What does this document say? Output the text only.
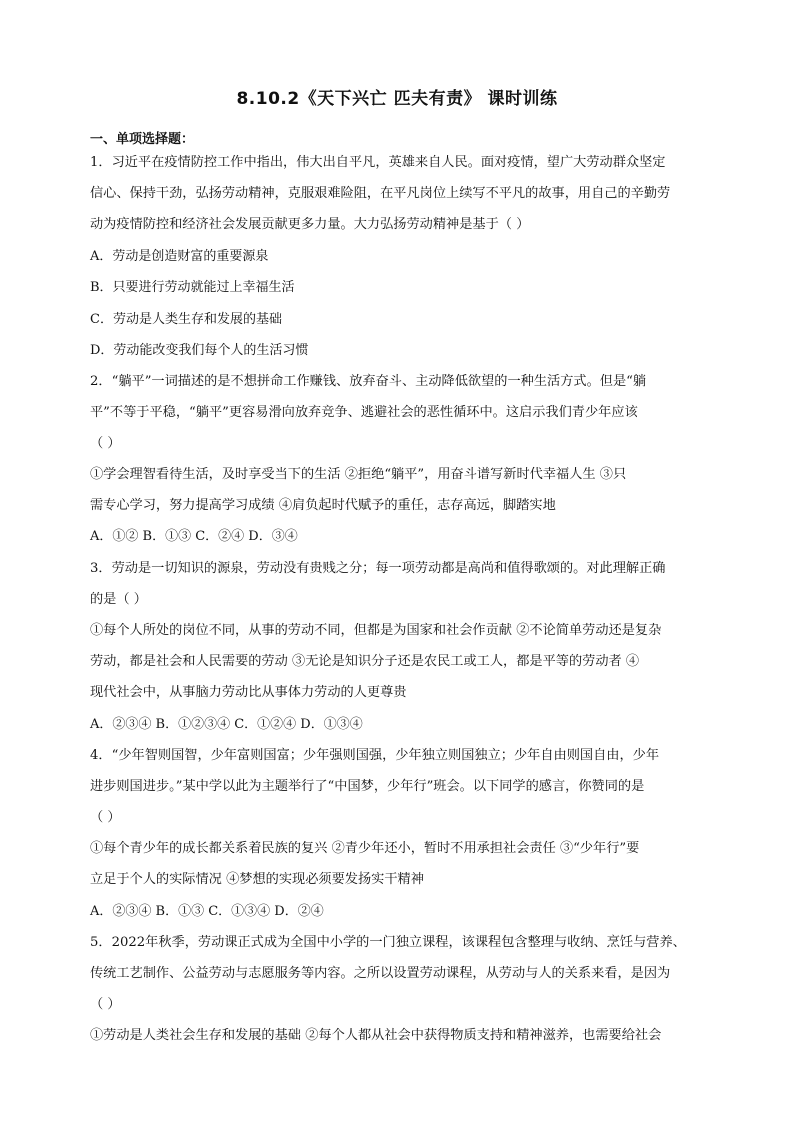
8.10.2《天下兴亡 匹夫有责》 课时训练
一、单项选择题：
1．习近平在疫情防控工作中指出，伟大出自平凡，英雄来自人民。面对疫情，望广大劳动群众坚定
信心、保持干劲，弘扬劳动精神，克服艰难险阻，在平凡岗位上续写不平凡的故事，用自己的辛勤劳
动为疫情防控和经济社会发展贡献更多力量。大力弘扬劳动精神是基于（ ）
A．劳动是创造财富的重要源泉
B．只要进行劳动就能过上幸福生活
C．劳动是人类生存和发展的基础
D．劳动能改变我们每个人的生活习惯
2．“躺平”一词描述的是不想拼命工作赚钱、放弃奋斗、主动降低欲望的一种生活方式。但是“躺
平”不等于平稳，“躺平”更容易滑向放弃竞争、逃避社会的恶性循环中。这启示我们青少年应该
（ ）
①学会理智看待生活，及时享受当下的生活 ②拒绝“躺平”，用奋斗谱写新时代幸福人生 ③只
需专心学习，努力提高学习成绩 ④肩负起时代赋予的重任，志存高远，脚踏实地
A．①② B．①③ C．②④ D．③④
3．劳动是一切知识的源泉，劳动没有贵贱之分；每一项劳动都是高尚和值得歌颂的。对此理解正确
的是（ ）
①每个人所处的岗位不同，从事的劳动不同，但都是为国家和社会作贡献 ②不论简单劳动还是复杂
劳动，都是社会和人民需要的劳动 ③无论是知识分子还是农民工或工人，都是平等的劳动者 ④
现代社会中，从事脑力劳动比从事体力劳动的人更尊贵
A．②③④ B．①②③④ C．①②④ D．①③④
4．“少年智则国智，少年富则国富；少年强则国强，少年独立则国独立；少年自由则国自由，少年
进步则国进步。”某中学以此为主题举行了“中国梦，少年行”班会。以下同学的感言，你赞同的是
（ ）
①每个青少年的成长都关系着民族的复兴 ②青少年还小，暂时不用承担社会责任 ③“少年行”要
立足于个人的实际情况 ④梦想的实现必须要发扬实干精神
A．②③④ B．①③ C．①③④ D．②④
5．2022年秋季，劳动课正式成为全国中小学的一门独立课程，该课程包含整理与收纳、烹饪与营养、
传统工艺制作、公益劳动与志愿服务等内容。之所以设置劳动课程，从劳动与人的关系来看，是因为
（ ）
①劳动是人类社会生存和发展的基础 ②每个人都从社会中获得物质支持和精神滋养，也需要给社会
